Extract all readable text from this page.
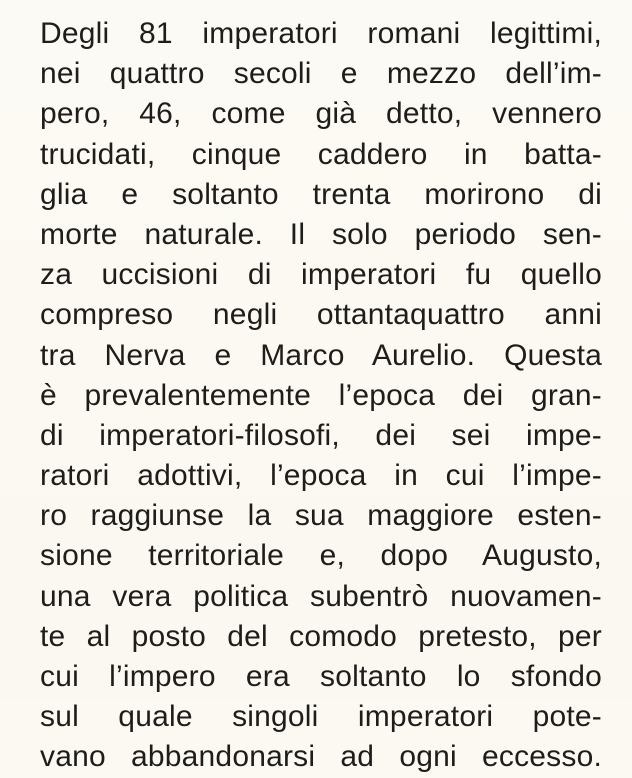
Degli 81 imperatori romani legittimi,
nei quattro secoli e mezzo dell’im-
pero, 46, come già detto, vennero
trucidati, cinque caddero in batta-
glia e soltanto trenta morirono di
morte naturale. Il solo periodo sen-
za uccisioni di imperatori fu quello
compreso negli ottantaquattro anni
tra Nerva e Marco Aurelio. Questa
è prevalentemente l’epoca dei gran-
di imperatori-filosofi, dei sei impe-
ratori adottivi, l’epoca in cui l’impe-
ro raggiunse la sua maggiore esten-
sione territoriale e, dopo Augusto,
una vera politica subentrò nuovamen-
te al posto del comodo pretesto, per
cui l’impero era soltanto lo sfondo
sul quale singoli imperatori pote-
vano abbandonarsi ad ogni eccesso.
